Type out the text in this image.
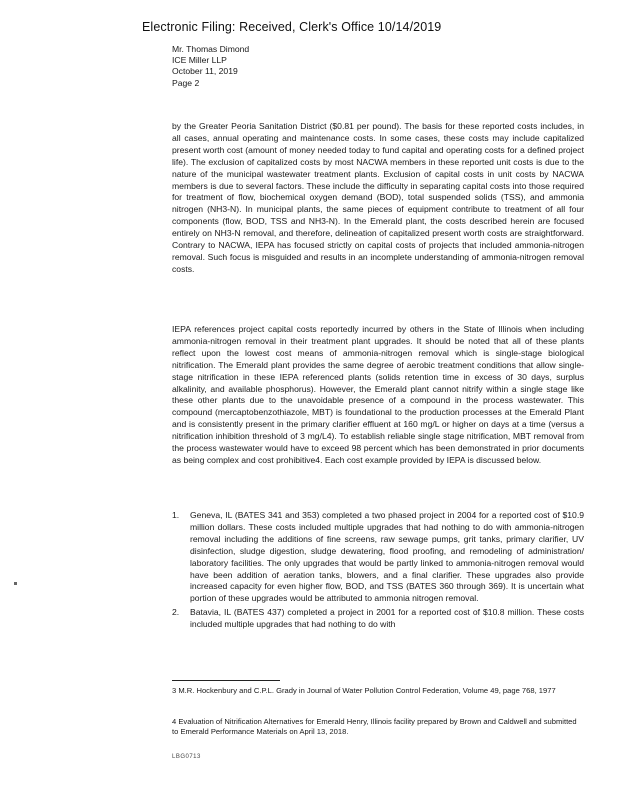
Electronic Filing: Received, Clerk's Office 10/14/2019
Mr. Thomas Dimond
ICE Miller LLP
October 11, 2019
Page 2
by the Greater Peoria Sanitation District ($0.81 per pound). The basis for these reported costs includes, in all cases, annual operating and maintenance costs. In some cases, these costs may include capitalized present worth cost (amount of money needed today to fund capital and operating costs for a defined project life). The exclusion of capitalized costs by most NACWA members in these reported unit costs is due to the nature of the municipal wastewater treatment plants. Exclusion of capital costs in unit costs by NACWA members is due to several factors. These include the difficulty in separating capital costs into those required for treatment of flow, biochemical oxygen demand (BOD), total suspended solids (TSS), and ammonia nitrogen (NH3-N). In municipal plants, the same pieces of equipment contribute to treatment of all four components (flow, BOD, TSS and NH3-N). In the Emerald plant, the costs described herein are focused entirely on NH3-N removal, and therefore, delineation of capitalized present worth costs are straightforward. Contrary to NACWA, IEPA has focused strictly on capital costs of projects that included ammonia-nitrogen removal. Such focus is misguided and results in an incomplete understanding of ammonia-nitrogen removal costs.
IEPA references project capital costs reportedly incurred by others in the State of Illinois when including ammonia-nitrogen removal in their treatment plant upgrades. It should be noted that all of these plants reflect upon the lowest cost means of ammonia-nitrogen removal which is single-stage biological nitrification. The Emerald plant provides the same degree of aerobic treatment conditions that allow single-stage nitrification in these IEPA referenced plants (solids retention time in excess of 30 days, surplus alkalinity, and available phosphorus). However, the Emerald plant cannot nitrify within a single stage like these other plants due to the unavoidable presence of a compound in the process wastewater. This compound (mercaptobenzothiazole, MBT) is foundational to the production processes at the Emerald Plant and is consistently present in the primary clarifier effluent at 160 mg/L or higher on days at a time (versus a nitrification inhibition threshold of 3 mg/L4). To establish reliable single stage nitrification, MBT removal from the process wastewater would have to exceed 98 percent which has been demonstrated in prior documents as being complex and cost prohibitive4. Each cost example provided by IEPA is discussed below.
1. Geneva, IL (BATES 341 and 353) completed a two phased project in 2004 for a reported cost of $10.9 million dollars. These costs included multiple upgrades that had nothing to do with ammonia-nitrogen removal including the additions of fine screens, raw sewage pumps, grit tanks, primary clarifier, UV disinfection, sludge digestion, sludge dewatering, flood proofing, and remodeling of administration/ laboratory facilities. The only upgrades that would be partly linked to ammonia-nitrogen removal would have been addition of aeration tanks, blowers, and a final clarifier. These upgrades also provide increased capacity for even higher flow, BOD, and TSS (BATES 360 through 369). It is uncertain what portion of these upgrades would be attributed to ammonia nitrogen removal.
2. Batavia, IL (BATES 437) completed a project in 2001 for a reported cost of $10.8 million. These costs included multiple upgrades that had nothing to do with
3 M.R. Hockenbury and C.P.L. Grady in Journal of Water Pollution Control Federation, Volume 49, page 768, 1977
4 Evaluation of Nitrification Alternatives for Emerald Henry, Illinois facility prepared by Brown and Caldwell and submitted to Emerald Performance Materials on April 13, 2018.
LBG0713
